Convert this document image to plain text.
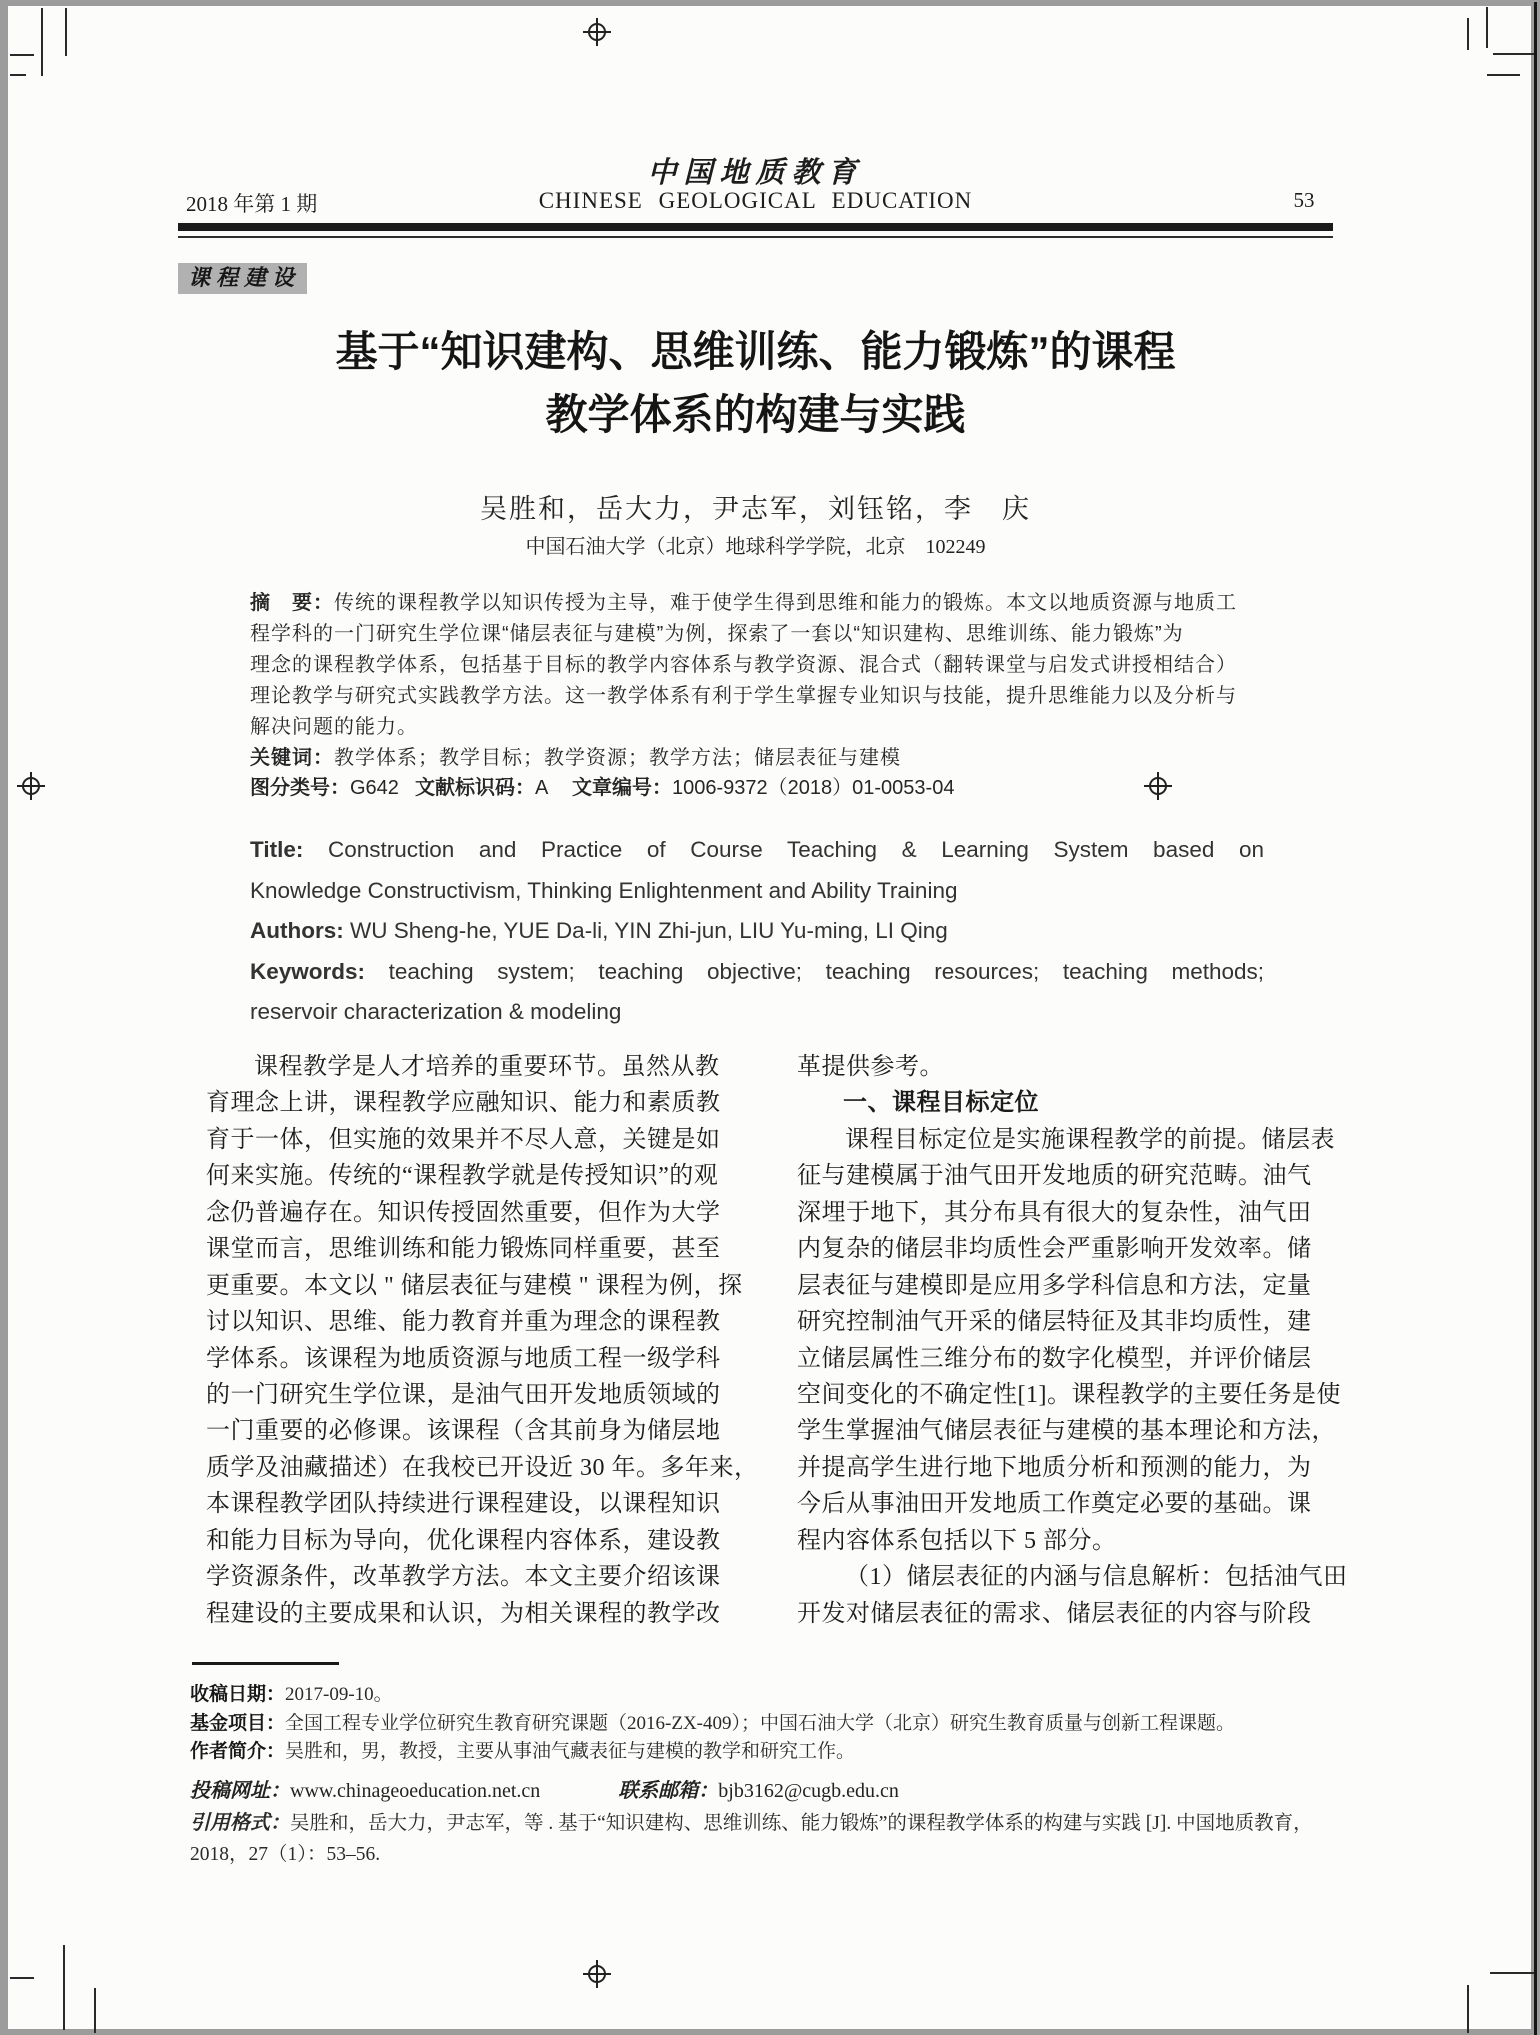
2018 年第 1 期
中国地质教育
CHINESE GEOLOGICAL EDUCATION	53
课程建设
基于“知识建构、思维训练、能力锻炼”的课程
教学体系的构建与实践
吴胜和，岳大力，尹志军，刘钰铭，李　庆
中国石油大学（北京）地球科学学院，北京　102249
摘　要：传统的课程教学以知识传授为主导，难于使学生得到思维和能力的锻炼。本文以地质资源与地质工
程学科的一门研究生学位课“储层表征与建模”为例，探索了一套以“知识建构、思维训练、能力锻炼”为
理念的课程教学体系，包括基于目标的教学内容体系与教学资源、混合式（翻转课堂与启发式讲授相结合）
理论教学与研究式实践教学方法。这一教学体系有利于学生掌握专业知识与技能，提升思维能力以及分析与
解决问题的能力。
关键词：教学体系；教学目标；教学资源；教学方法；储层表征与建模
图分类号：G642 文献标识码：A 文章编号：1006-9372（2018）01-0053-04
Title: Construction and Practice of Course Teaching & Learning System based on
Knowledge Constructivism, Thinking Enlightenment and Ability Training
Authors: WU Sheng-he, YUE Da-li, YIN Zhi-jun, LIU Yu-ming, LI Qing
Keywords: teaching system; teaching objective; teaching resources; teaching methods;
reservoir characterization & modeling
课程教学是人才培养的重要环节。虽然从教
育理念上讲，课程教学应融知识、能力和素质教
育于一体，但实施的效果并不尽人意，关键是如
何来实施。传统的“课程教学就是传授知识”的观
念仍普遍存在。知识传授固然重要，但作为大学
课堂而言，思维训练和能力锻炼同样重要，甚至
更重要。本文以 " 储层表征与建模 " 课程为例，探
讨以知识、思维、能力教育并重为理念的课程教
学体系。该课程为地质资源与地质工程一级学科
的一门研究生学位课，是油气田开发地质领域的
一门重要的必修课。该课程（含其前身为储层地
质学及油藏描述）在我校已开设近 30 年。多年来，
本课程教学团队持续进行课程建设，以课程知识
和能力目标为导向，优化课程内容体系，建设教
学资源条件，改革教学方法。本文主要介绍该课
程建设的主要成果和认识，为相关课程的教学改
革提供参考。
一、课程目标定位
课程目标定位是实施课程教学的前提。储层表
征与建模属于油气田开发地质的研究范畴。油气
深埋于地下，其分布具有很大的复杂性，油气田
内复杂的储层非均质性会严重影响开发效率。储
层表征与建模即是应用多学科信息和方法，定量
研究控制油气开采的储层特征及其非均质性，建
立储层属性三维分布的数字化模型，并评价储层
空间变化的不确定性[1]。课程教学的主要任务是使
学生掌握油气储层表征与建模的基本理论和方法，
并提高学生进行地下地质分析和预测的能力，为
今后从事油田开发地质工作奠定必要的基础。课
程内容体系包括以下 5 部分。
（1）储层表征的内涵与信息解析：包括油气田
开发对储层表征的需求、储层表征的内容与阶段
收稿日期：2017-09-10。
基金项目：全国工程专业学位研究生教育研究课题（2016-ZX-409）；中国石油大学（北京）研究生教育质量与创新工程课题。
作者简介：吴胜和，男，教授，主要从事油气藏表征与建模的教学和研究工作。
投稿网址：www.chinageoeducation.net.cn	联系邮箱：bjb3162@cugb.edu.cn
引用格式：吴胜和，岳大力，尹志军，等 . 基于“知识建构、思维训练、能力锻炼”的课程教学体系的构建与实践 [J]. 中国地质教育，
2018，27（1）：53–56.
